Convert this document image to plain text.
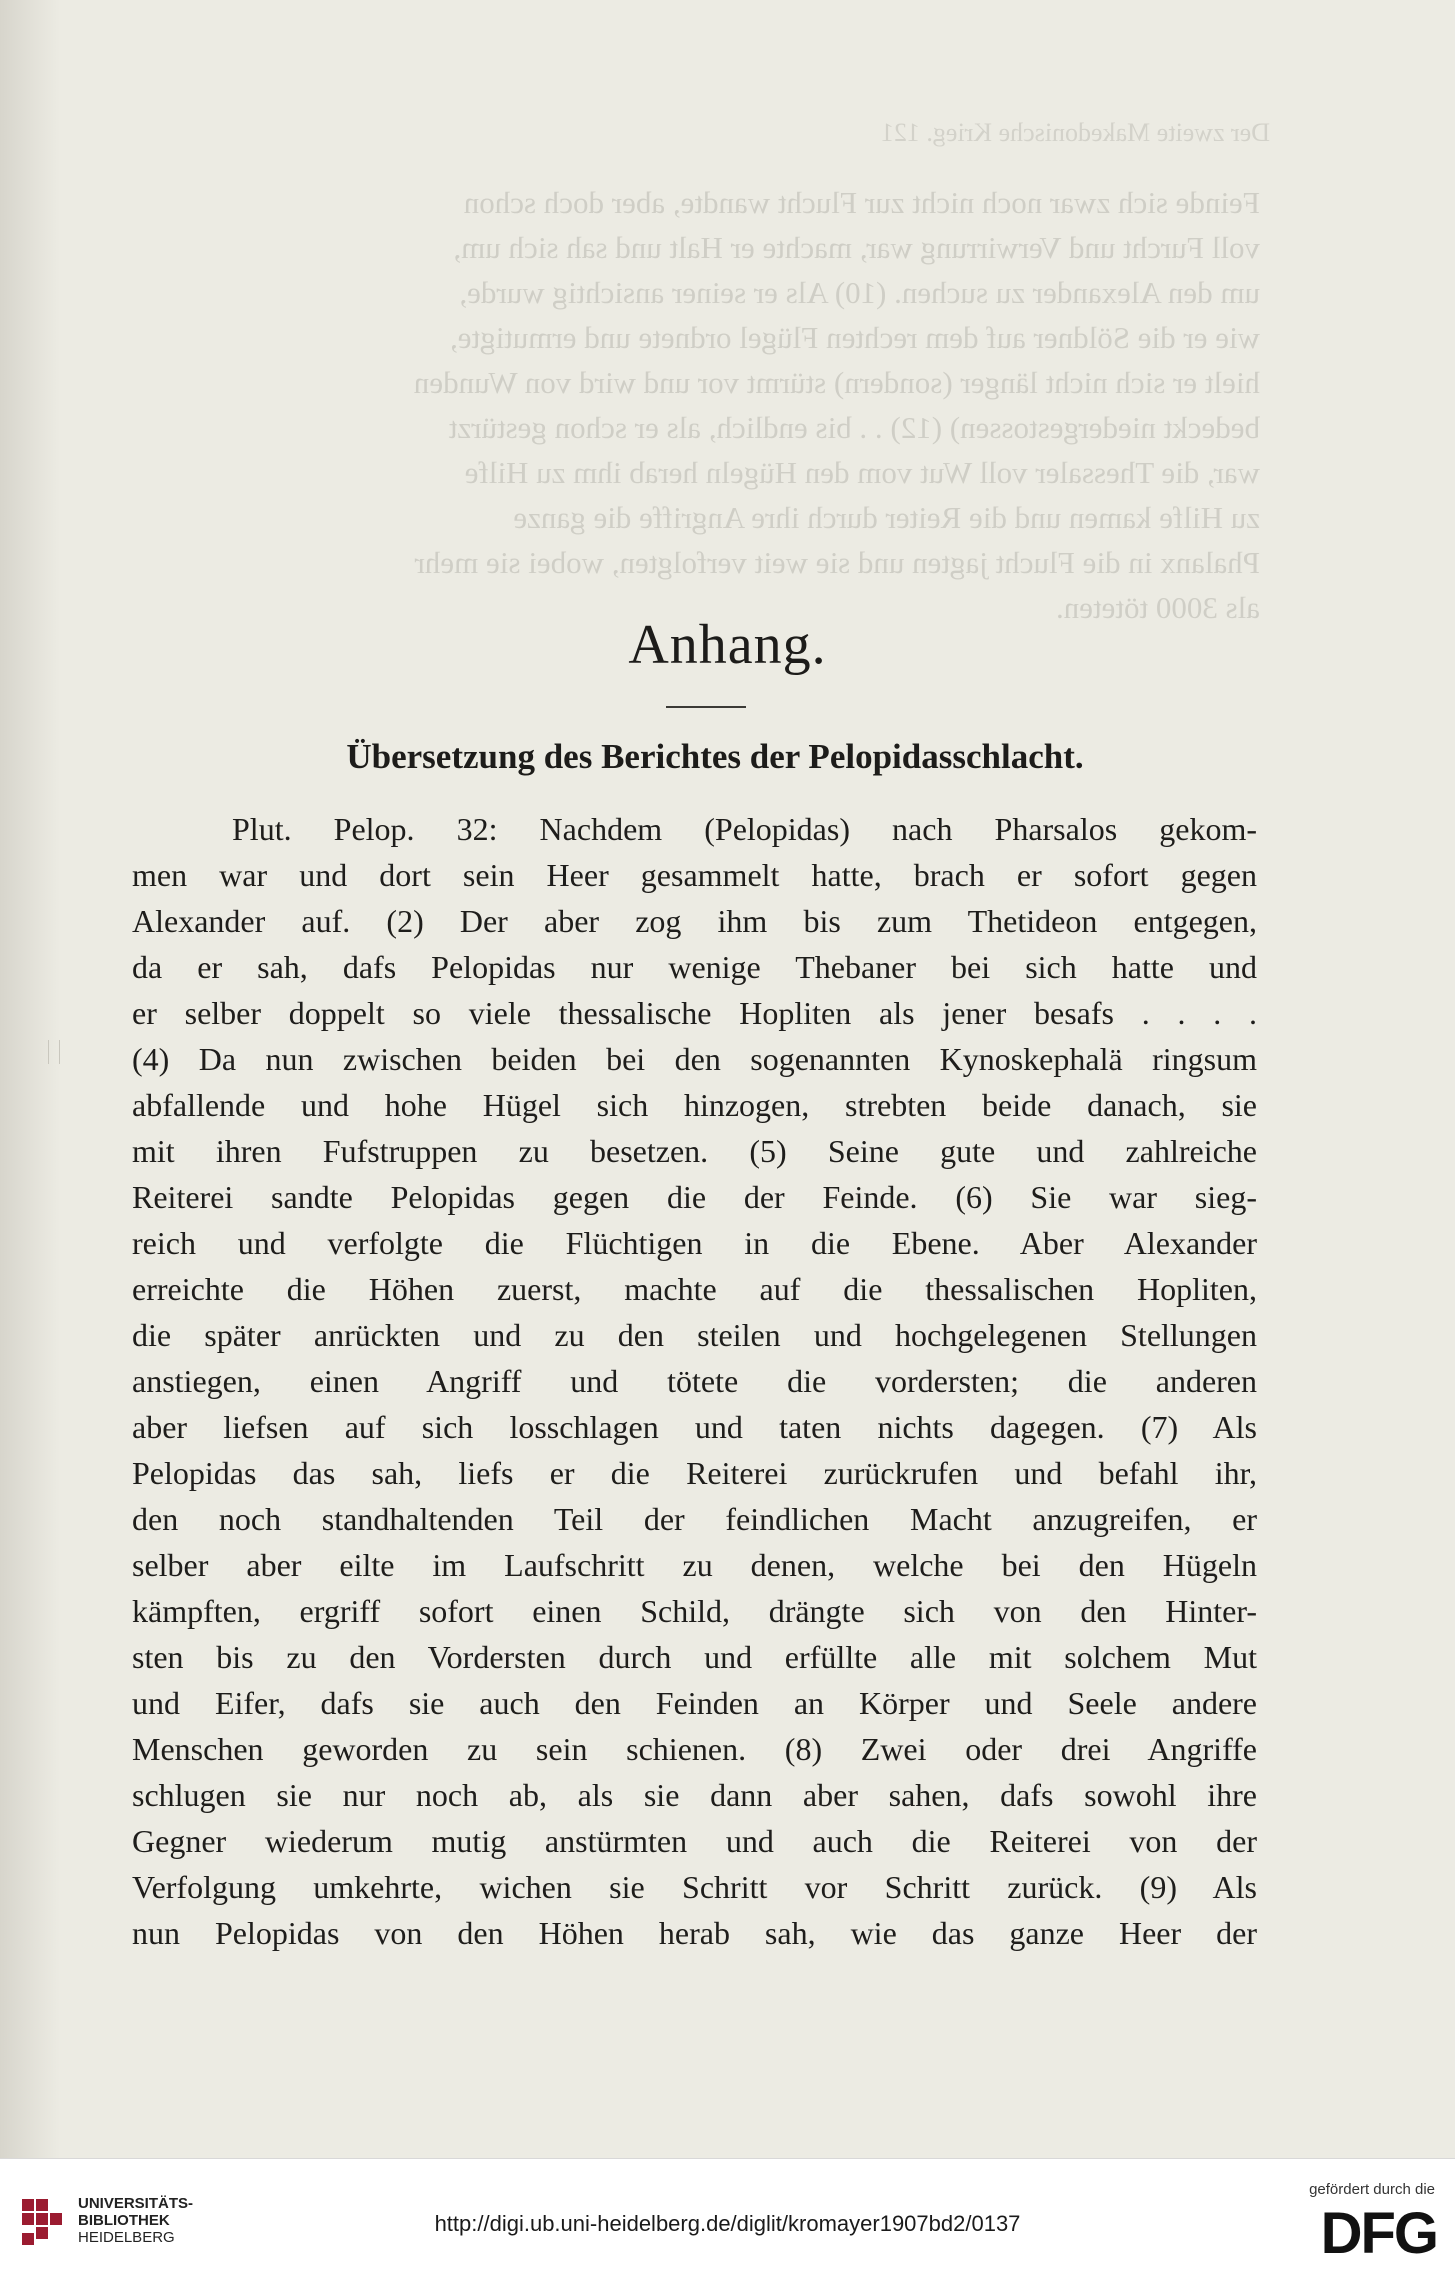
Der zweite Makedonische Krieg. 121
Feinde sich zwar noch nicht zur Flucht wandte, aber doch schon
voll Furcht und Verwirrung war, machte er Halt und sah sich um,
um den Alexander zu suchen. (10) Als er seiner ansichtig wurde,
wie er die Söldner auf dem rechten Flügel ordnete und ermutigte,
hielt er sich nicht länger (sondern) stürmt vor und wird von Wunden
bedeckt niedergestossen) (12) . . bis endlich, als er schon gestürzt
war, die Thessaler voll Wut vom den Hügeln herab ihm zu Hilfe
zu Hilfe kamen und die Reiter durch ihre Angriffe die ganze
Phalanx in die Flucht jagten und sie weit verfolgten, wobei sie mehr
als 3000 töteten.
Anhang.
Übersetzung des Berichtes der Pelopidasschlacht.
Plut. Pelop. 32: Nachdem (Pelopidas) nach Pharsalos gekom-
men war und dort sein Heer gesammelt hatte, brach er sofort gegen
Alexander auf. (2) Der aber zog ihm bis zum Thetideon entgegen,
da er sah, dafs Pelopidas nur wenige Thebaner bei sich hatte und
er selber doppelt so viele thessalische Hopliten als jener besafs . . . .
(4) Da nun zwischen beiden bei den sogenannten Kynoskephalä ringsum
abfallende und hohe Hügel sich hinzogen, strebten beide danach, sie
mit ihren Fufstruppen zu besetzen. (5) Seine gute und zahlreiche
Reiterei sandte Pelopidas gegen die der Feinde. (6) Sie war sieg-
reich und verfolgte die Flüchtigen in die Ebene. Aber Alexander
erreichte die Höhen zuerst, machte auf die thessalischen Hopliten,
die später anrückten und zu den steilen und hochgelegenen Stellungen
anstiegen, einen Angriff und tötete die vordersten; die anderen
aber liefsen auf sich losschlagen und taten nichts dagegen. (7) Als
Pelopidas das sah, liefs er die Reiterei zurückrufen und befahl ihr,
den noch standhaltenden Teil der feindlichen Macht anzugreifen, er
selber aber eilte im Laufschritt zu denen, welche bei den Hügeln
kämpften, ergriff sofort einen Schild, drängte sich von den Hinter-
sten bis zu den Vordersten durch und erfüllte alle mit solchem Mut
und Eifer, dafs sie auch den Feinden an Körper und Seele andere
Menschen geworden zu sein schienen. (8) Zwei oder drei Angriffe
schlugen sie nur noch ab, als sie dann aber sahen, dafs sowohl ihre
Gegner wiederum mutig anstürmten und auch die Reiterei von der
Verfolgung umkehrte, wichen sie Schritt vor Schritt zurück. (9) Als
nun Pelopidas von den Höhen herab sah, wie das ganze Heer der
UNIVERSITÄTS-
BIBLIOTHEK
HEIDELBERG
http://digi.ub.uni-heidelberg.de/diglit/kromayer1907bd2/0137
gefördert durch die
DFG
